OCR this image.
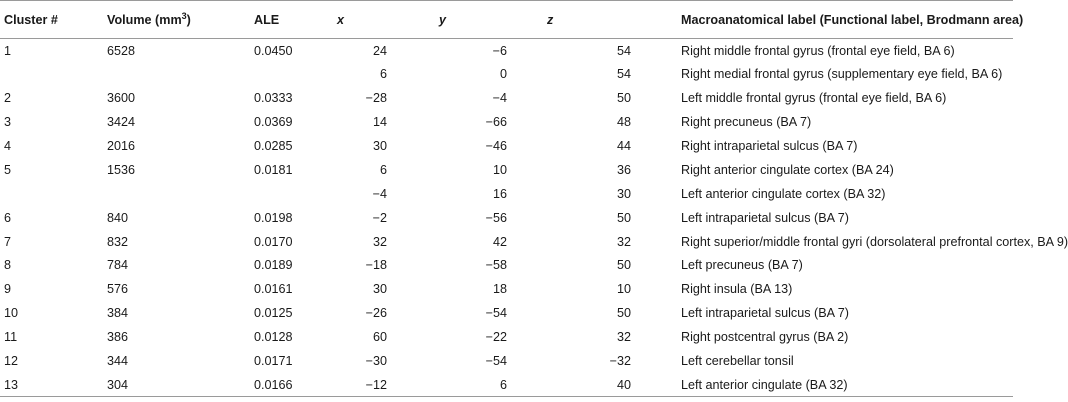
Cluster #	Volume $(mm^3)$	ALE	x	y	z	Macroanatomical label (Functional label, Brodmann area)
1	6528	0.0450	24	−6	54	Right middle frontal gyrus (frontal eye field, BA 6)
			6	0	54	Right medial frontal gyrus (supplementary eye field, BA 6)
2	3600	0.0333	−28	−4	50	Left middle frontal gyrus (frontal eye field, BA 6)
3	3424	0.0369	14	−66	48	Right precuneus (BA 7)
4	2016	0.0285	30	−46	44	Right intraparietal sulcus (BA 7)
5	1536	0.0181	6	10	36	Right anterior cingulate cortex (BA 24)
			−4	16	30	Left anterior cingulate cortex (BA 32)
6	840	0.0198	−2	−56	50	Left intraparietal sulcus (BA 7)
7	832	0.0170	32	42	32	Right superior/middle frontal gyri (dorsolateral prefrontal cortex, BA 9)
8	784	0.0189	−18	−58	50	Left precuneus (BA 7)
9	576	0.0161	30	18	10	Right insula (BA 13)
10	384	0.0125	−26	−54	50	Left intraparietal sulcus (BA 7)
11	386	0.0128	60	−22	32	Right postcentral gyrus (BA 2)
12	344	0.0171	−30	−54	−32	Left cerebellar tonsil
13	304	0.0166	−12	6	40	Left anterior cingulate (BA 32)
